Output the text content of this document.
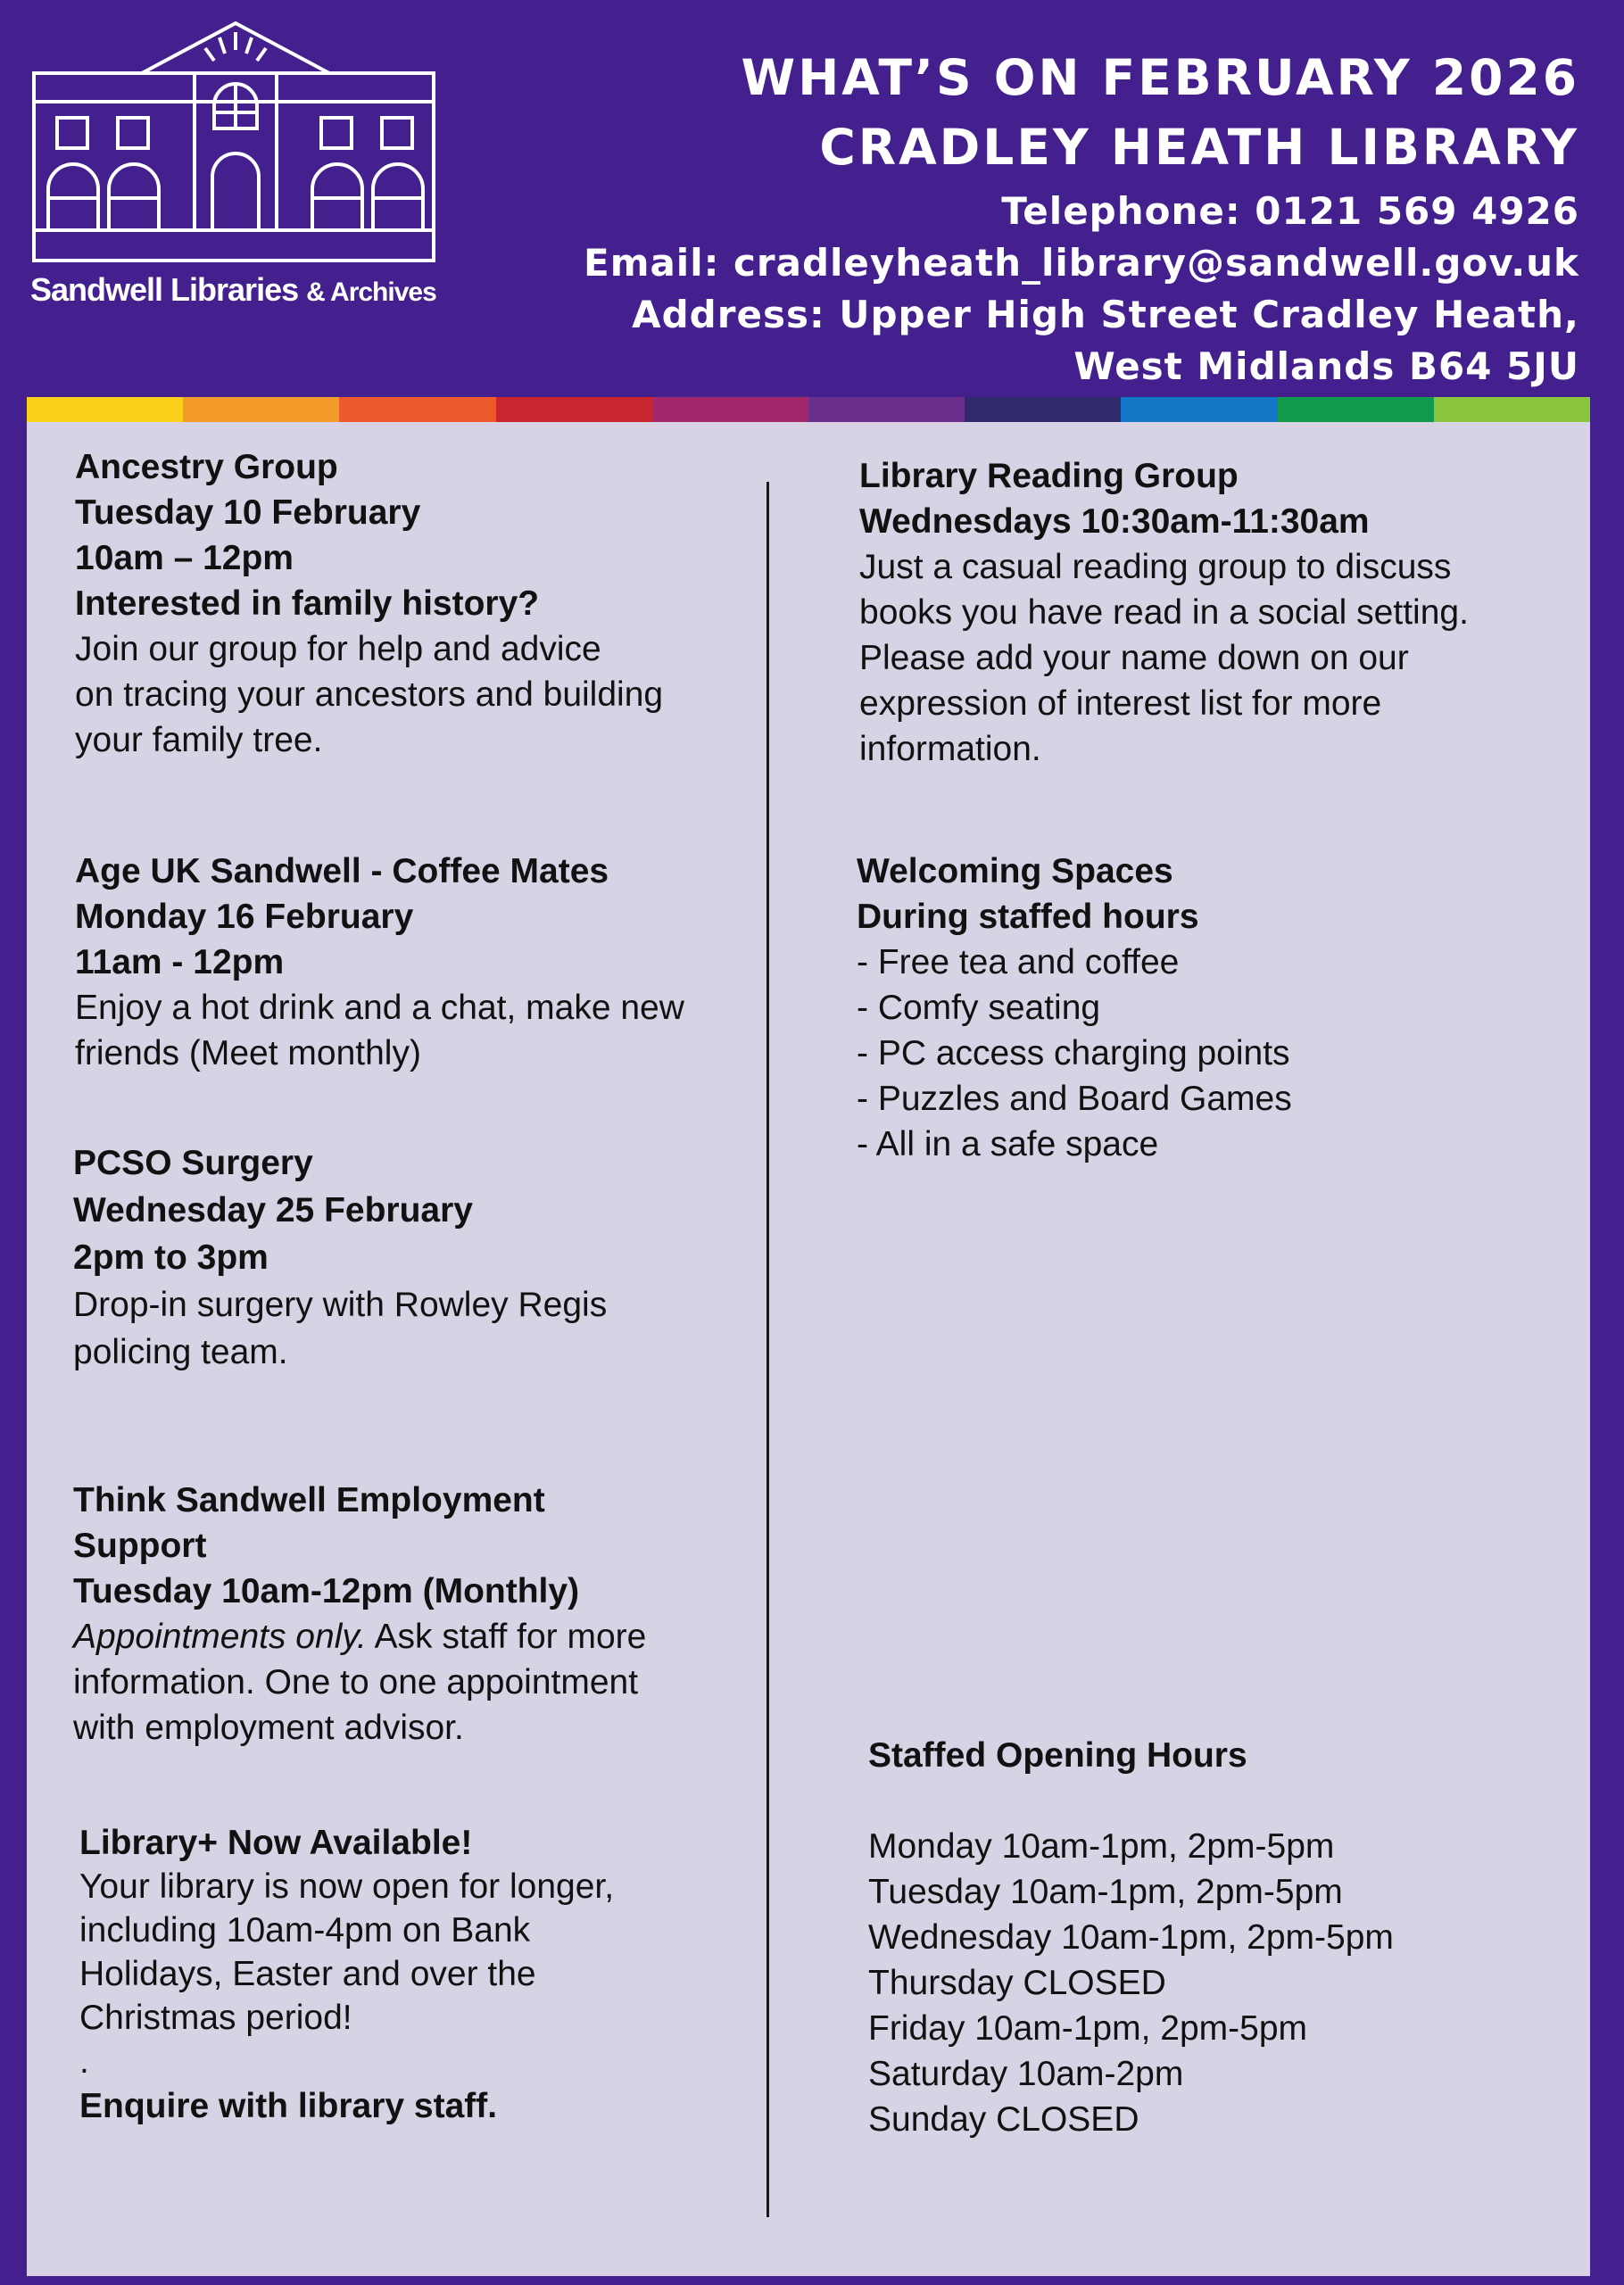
Sandwell Libraries & Archives
WHAT’S ON FEBRUARY 2026
CRADLEY HEATH LIBRARY
Telephone: 0121 569 4926
Email: cradleyheath_library@sandwell.gov.uk
Address: Upper High Street Cradley Heath,
West Midlands B64 5JU
Ancestry Group
Tuesday 10 February
10am – 12pm
Interested in family history?
Join our group for help and advice
on tracing your ancestors and building
your family tree.
Age UK Sandwell - Coffee Mates
Monday 16 February
11am - 12pm
Enjoy a hot drink and a chat, make new
friends (Meet monthly)
PCSO Surgery
Wednesday 25 February
2pm to 3pm
Drop-in surgery with Rowley Regis
policing team.
Think Sandwell Employment
Support
Tuesday 10am-12pm (Monthly)
Appointments only. Ask staff for more
information. One to one appointment
with employment advisor.
Library+ Now Available!
Your library is now open for longer,
including 10am-4pm on Bank
Holidays, Easter and over the
Christmas period!
.
Enquire with library staff.
Library Reading Group
Wednesdays 10:30am-11:30am
Just a casual reading group to discuss
books you have read in a social setting.
Please add your name down on our
expression of interest list for more
information.
Welcoming Spaces
During staffed hours
- Free tea and coffee
- Comfy seating
- PC access charging points
- Puzzles and Board Games
- All in a safe space
Staffed Opening Hours

Monday 10am-1pm, 2pm-5pm
Tuesday 10am-1pm, 2pm-5pm
Wednesday 10am-1pm, 2pm-5pm
Thursday CLOSED
Friday 10am-1pm, 2pm-5pm
Saturday 10am-2pm
Sunday CLOSED
